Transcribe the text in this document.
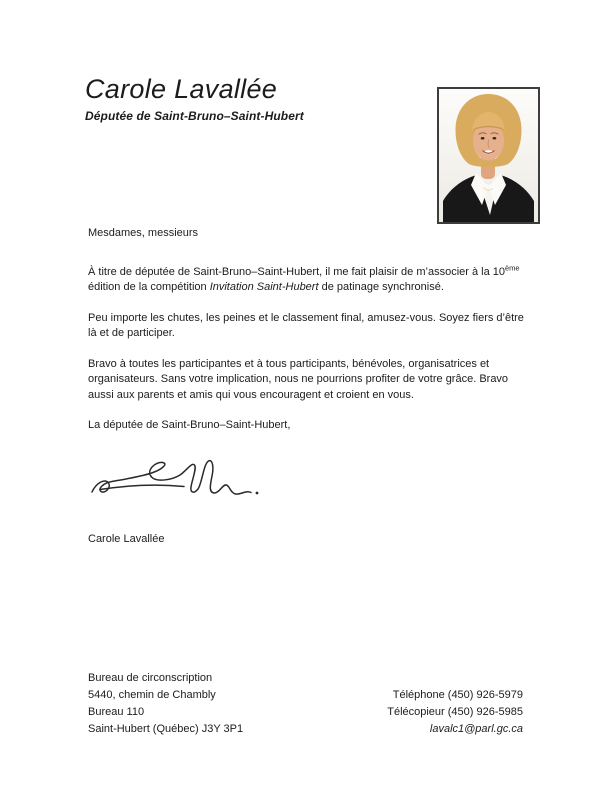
Carole Lavallée
Députée de Saint-Bruno–Saint-Hubert

Mesdames, messieurs

À titre de députée de Saint-Bruno–Saint-Hubert, il me fait plaisir de m’associer à la 10ème édition de la compétition Invitation Saint-Hubert de patinage synchronisé.

Peu importe les chutes, les peines et le classement final, amusez-vous. Soyez fiers d’être là et de participer.

Bravo à toutes les participantes et à tous participants, bénévoles, organisatrices et organisateurs. Sans votre implication, nous ne pourrions profiter de votre grâce. Bravo aussi aux parents et amis qui vous encouragent et croient en vous.

La députée de Saint-Bruno–Saint-Hubert,

Carole Lavallée
Bureau de circonscription
5440, chemin de Chambly
Bureau 110
Saint-Hubert (Québec) J3Y 3P1
Téléphone (450) 926-5979
Télécopieur (450) 926-5985
lavalc1@parl.gc.ca
